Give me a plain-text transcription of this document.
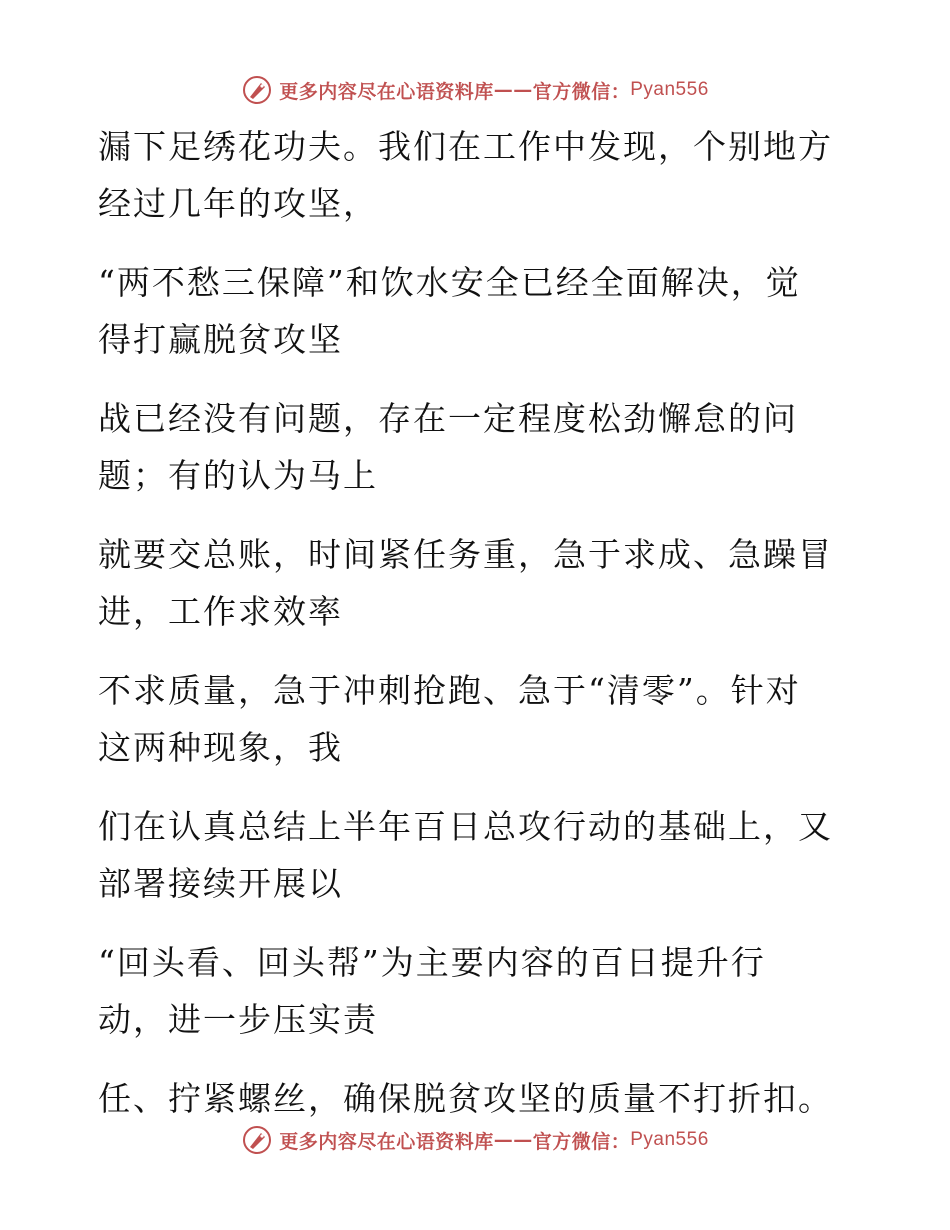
更多内容尽在心语资料库 —— 官方微信： Pyan556

漏下足绣花功夫。我们在工作中发现，个别地方
经过几年的攻坚，

“两不愁三保障”和饮水安全已经全面解决，觉
得打赢脱贫攻坚

战已经没有问题，存在一定程度松劲懈怠的问
题；有的认为马上

就要交总账，时间紧任务重，急于求成、急躁冒
进，工作求效率

不求质量，急于冲刺抢跑、急于“清零”。针对
这两种现象，我

们在认真总结上半年百日总攻行动的基础上，又
部署接续开展以

“回头看、回头帮”为主要内容的百日提升行
动，进一步压实责

任、拧紧螺丝，确保脱贫攻坚的质量不打折扣。

更多内容尽在心语资料库 —— 官方微信： Pyan556
